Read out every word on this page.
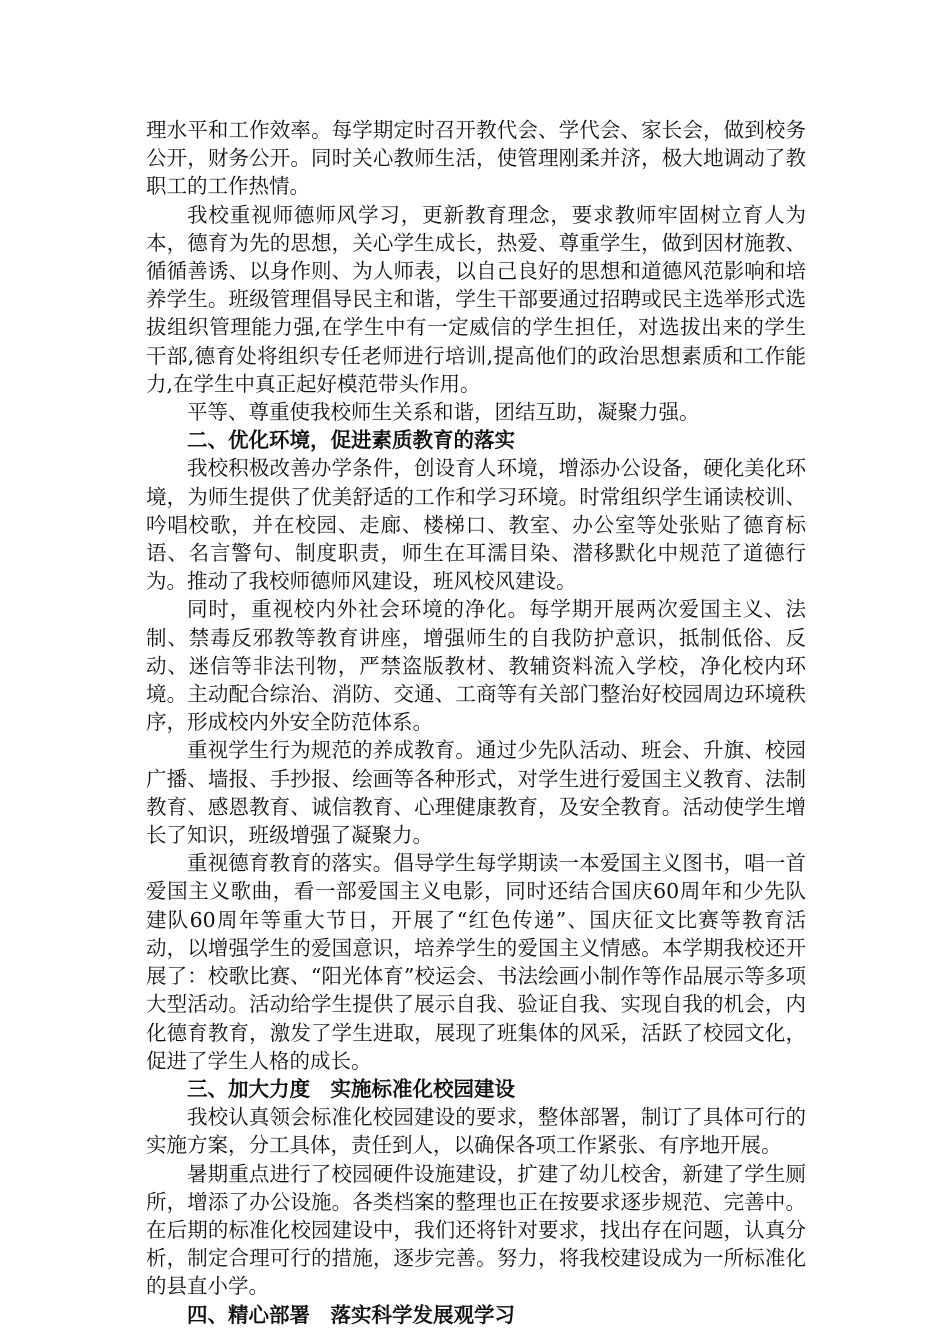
理水平和工作效率。每学期定时召开教代会、学代会、家长会，做到校务公开，财务公开。同时关心教师生活，使管理刚柔并济，极大地调动了教职工的工作热情。

我校重视师德师风学习，更新教育理念，要求教师牢固树立育人为本，德育为先的思想，关心学生成长，热爱、尊重学生，做到因材施教、循循善诱、以身作则、为人师表，以自己良好的思想和道德风范影响和培养学生。班级管理倡导民主和谐，学生干部要通过招聘或民主选举形式选拔组织管理能力强,在学生中有一定威信的学生担任，对选拔出来的学生干部,德育处将组织专任老师进行培训,提高他们的政治思想素质和工作能力,在学生中真正起好模范带头作用。

平等、尊重使我校师生关系和谐，团结互助，凝聚力强。

二、优化环境，促进素质教育的落实

我校积极改善办学条件，创设育人环境，增添办公设备，硬化美化环境，为师生提供了优美舒适的工作和学习环境。时常组织学生诵读校训、吟唱校歌，并在校园、走廊、楼梯口、教室、办公室等处张贴了德育标语、名言警句、制度职责，师生在耳濡目染、潜移默化中规范了道德行为。推动了我校师德师风建设，班风校风建设。

同时，重视校内外社会环境的净化。每学期开展两次爱国主义、法制、禁毒反邪教等教育讲座，增强师生的自我防护意识，抵制低俗、反动、迷信等非法刊物，严禁盗版教材、教辅资料流入学校，净化校内环境。主动配合综治、消防、交通、工商等有关部门整治好校园周边环境秩序，形成校内外安全防范体系。

重视学生行为规范的养成教育。通过少先队活动、班会、升旗、校园广播、墙报、手抄报、绘画等各种形式，对学生进行爱国主义教育、法制教育、感恩教育、诚信教育、心理健康教育，及安全教育。活动使学生增长了知识，班级增强了凝聚力。

重视德育教育的落实。倡导学生每学期读一本爱国主义图书，唱一首爱国主义歌曲，看一部爱国主义电影，同时还结合国庆60周年和少先队建队60周年等重大节日，开展了“红色传递”、国庆征文比赛等教育活动，以增强学生的爱国意识，培养学生的爱国主义情感。本学期我校还开展了：校歌比赛、“阳光体育”校运会、书法绘画小制作等作品展示等多项大型活动。活动给学生提供了展示自我、验证自我、实现自我的机会，内化德育教育，激发了学生进取，展现了班集体的风采，活跃了校园文化，促进了学生人格的成长。

三、加大力度　实施标准化校园建设

我校认真领会标准化校园建设的要求，整体部署，制订了具体可行的实施方案，分工具体，责任到人，以确保各项工作紧张、有序地开展。

暑期重点进行了校园硬件设施建设，扩建了幼儿校舍，新建了学生厕所，增添了办公设施。各类档案的整理也正在按要求逐步规范、完善中。在后期的标准化校园建设中，我们还将针对要求，找出存在问题，认真分析，制定合理可行的措施，逐步完善。努力，将我校建设成为一所标准化的县直小学。

四、精心部署　落实科学发展观学习
